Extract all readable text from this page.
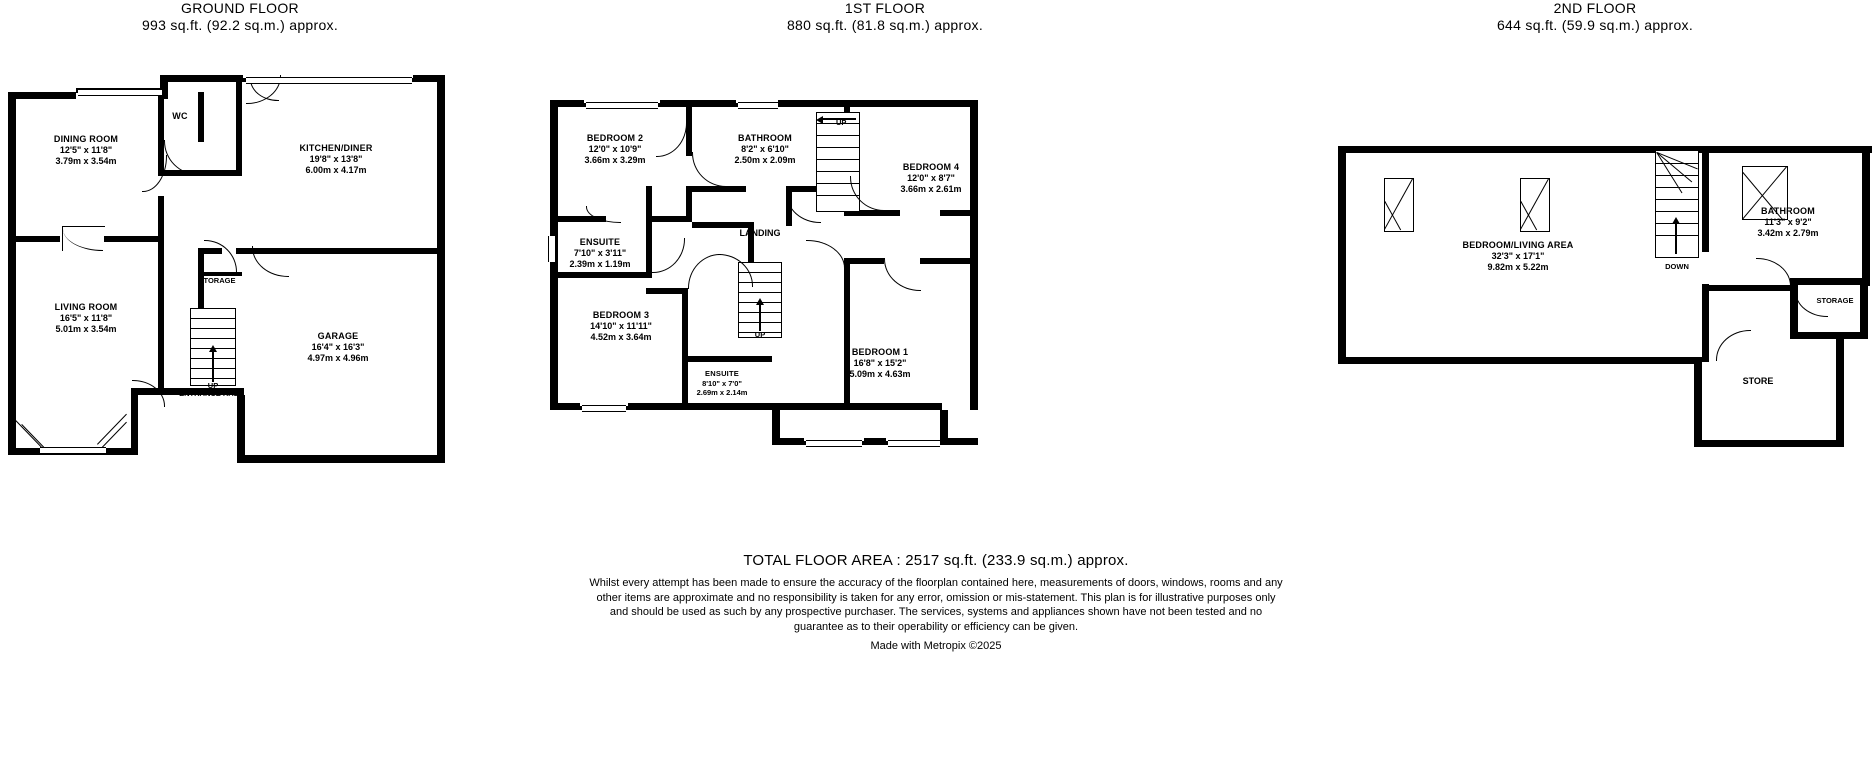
GROUND FLOOR
993 sq.ft. (92.2 sq.m.) approx.
1ST FLOOR
880 sq.ft. (81.8 sq.m.) approx.
2ND FLOOR
644 sq.ft. (59.9 sq.m.) approx.
UP
DINING ROOM
12'5" x 11'8"
3.79m x 3.54m
WC
KITCHEN/DINER
19'8" x 13'8"
6.00m x 4.17m
LIVING ROOM
16'5" x 11'8"
5.01m x 3.54m
STORAGE
GARAGE
16'4" x 16'3"
4.97m x 4.96m
ENTRANCE HALL
UP
UP
BEDROOM 2
12'0" x 10'9"
3.66m x 3.29m
BATHROOM
8'2" x 6'10"
2.50m x 2.09m
BEDROOM 4
12'0" x 8'7"
3.66m x 2.61m
ENSUITE
7'10" x 3'11"
2.39m x 1.19m
LANDING
BEDROOM 3
14'10" x 11'11"
4.52m x 3.64m
ENSUITE
8'10" x 7'0"
2.69m x 2.14m
BEDROOM 1
16'8" x 15'2"
5.09m x 4.63m
DOWN
BEDROOM/LIVING AREA
32'3" x 17'1"
9.82m x 5.22m
BATHROOM
11'3" x 9'2"
3.42m x 2.79m
STORAGE
STORE
TOTAL FLOOR AREA : 2517 sq.ft. (233.9 sq.m.) approx.
Whilst every attempt has been made to ensure the accuracy of the floorplan contained here, measurements of doors, windows, rooms and any other items are approximate and no responsibility is taken for any error, omission or mis-statement. This plan is for illustrative purposes only and should be used as such by any prospective purchaser. The services, systems and appliances shown have not been tested and no guarantee as to their operability or efficiency can be given.
Made with Metropix ©2025
